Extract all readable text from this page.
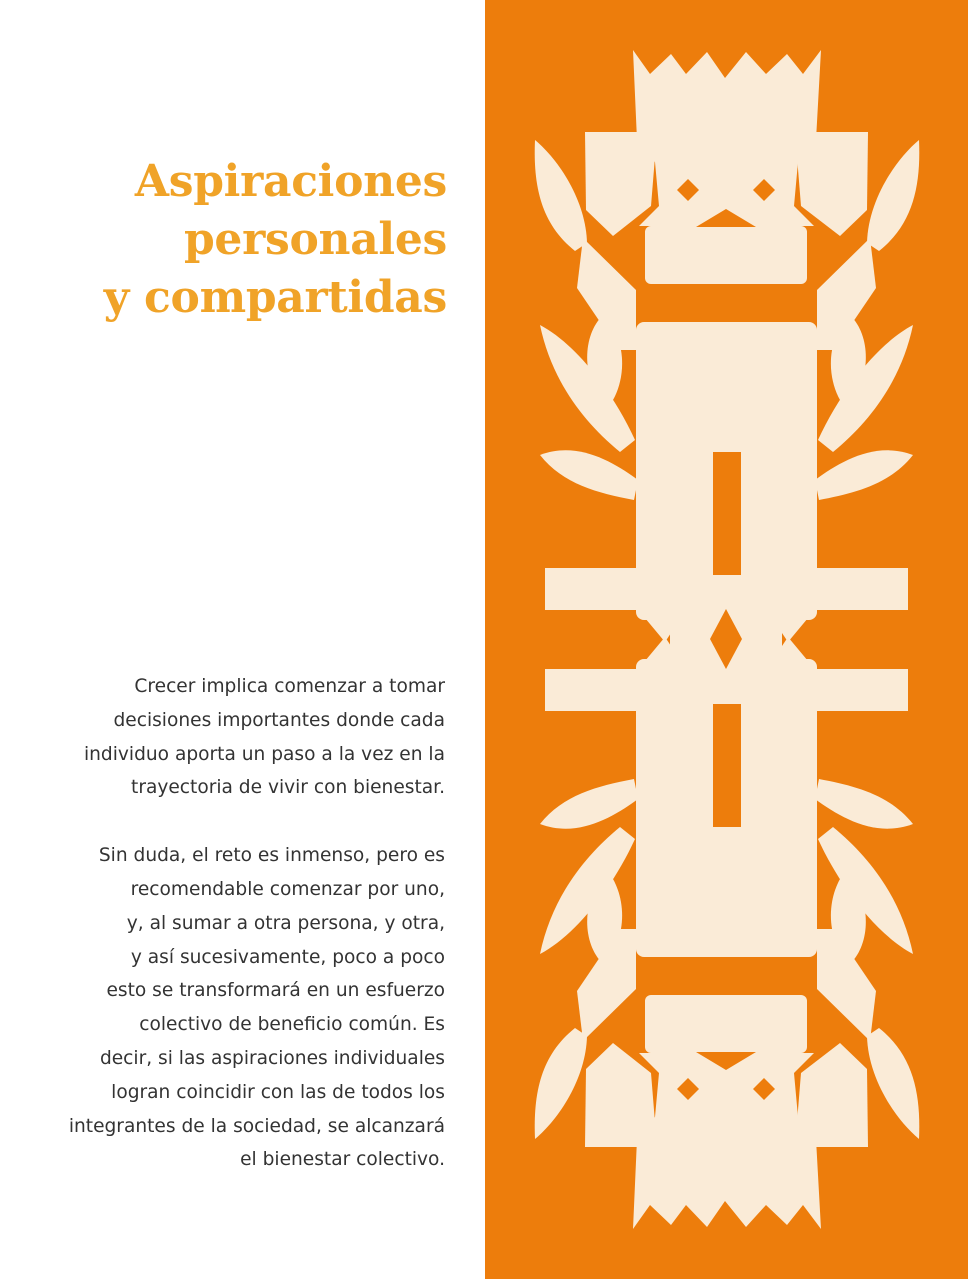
Aspiraciones
personales
y compartidas

Crecer implica comenzar a tomar
decisiones importantes donde cada
individuo aporta un paso a la vez en la
trayectoria de vivir con bienestar.

Sin duda, el reto es inmenso, pero es
recomendable comenzar por uno,
y, al sumar a otra persona, y otra,
y así sucesivamente, poco a poco
esto se transformará en un esfuerzo
colectivo de beneficio común. Es
decir, si las aspiraciones individuales
logran coincidir con las de todos los
integrantes de la sociedad, se alcanzará
el bienestar colectivo.
